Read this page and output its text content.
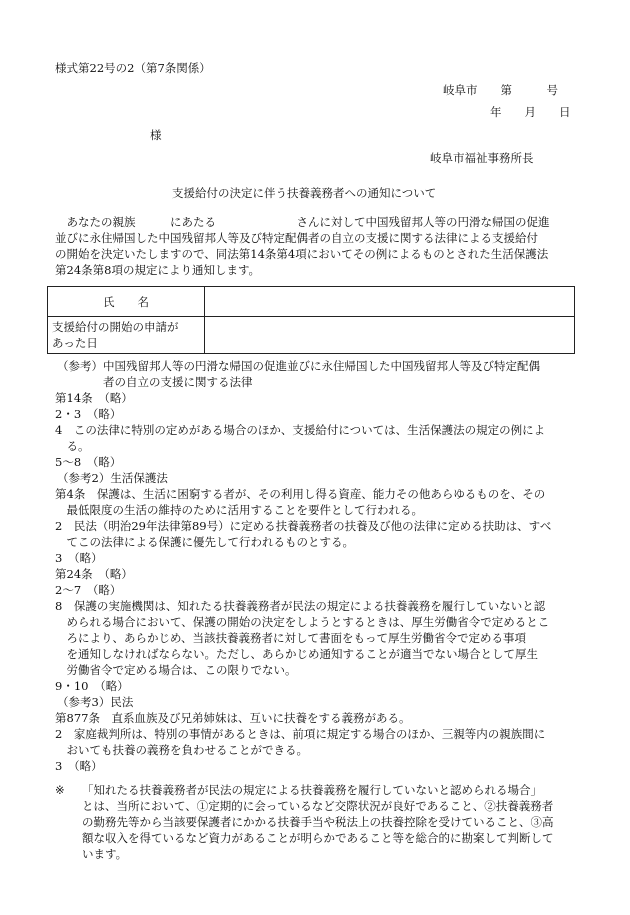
様式第22号の2（第7条関係）
岐阜市　　第　　　号
年　　月　　日
様
岐阜市福祉事務所長
支援給付の決定に伴う扶養義務者への通知について
　あなたの親族　　　にあたる　　　　　　　さんに対して中国残留邦人等の円滑な帰国の促進
並びに永住帰国した中国残留邦人等及び特定配偶者の自立の支援に関する法律による支援給付
の開始を決定いたしますので、同法第14条第4項においてその例によるものとされた生活保護法
第24条第8項の規定により通知します。
氏　　名	

支援給付の開始の申請が
あった日	

（参考）中国残留邦人等の円滑な帰国の促進並びに永住帰国した中国残留邦人等及び特定配偶
者の自立の支援に関する法律
第14条　（略）
2・3　（略）
4　この法律に特別の定めがある場合のほか、支援給付については、生活保護法の規定の例によ
　る。
5～8　（略）
（参考2）生活保護法
第4条　保護は、生活に困窮する者が、その利用し得る資産、能力その他あらゆるものを、その
　最低限度の生活の維持のために活用することを要件として行われる。
2　民法（明治29年法律第89号）に定める扶養義務者の扶養及び他の法律に定める扶助は、すべ
　てこの法律による保護に優先して行われるものとする。
3　（略）
第24条　（略）
2～7　（略）
8　保護の実施機関は、知れたる扶養義務者が民法の規定による扶養義務を履行していないと認
　められる場合において、保護の開始の決定をしようとするときは、厚生労働省令で定めるとこ
　ろにより、あらかじめ、当該扶養義務者に対して書面をもって厚生労働省令で定める事項
　を通知しなければならない。ただし、あらかじめ通知することが適当でない場合として厚生
　労働省令で定める場合は、この限りでない。
9・10　（略）
（参考3）民法
第877条　直系血族及び兄弟姉妹は、互いに扶養をする義務がある。
2　家庭裁判所は、特別の事情があるときは、前項に規定する場合のほか、三親等内の親族間に
　おいても扶養の義務を負わせることができる。
3　（略）
※ 「知れたる扶養義務者が民法の規定による扶養義務を履行していないと認められる場合」
とは、当所において、①定期的に会っているなど交際状況が良好であること、②扶養義務者
の勤務先等から当該要保護者にかかる扶養手当や税法上の扶養控除を受けていること、③高
額な収入を得ているなど資力があることが明らかであること等を総合的に勘案して判断して
います。
